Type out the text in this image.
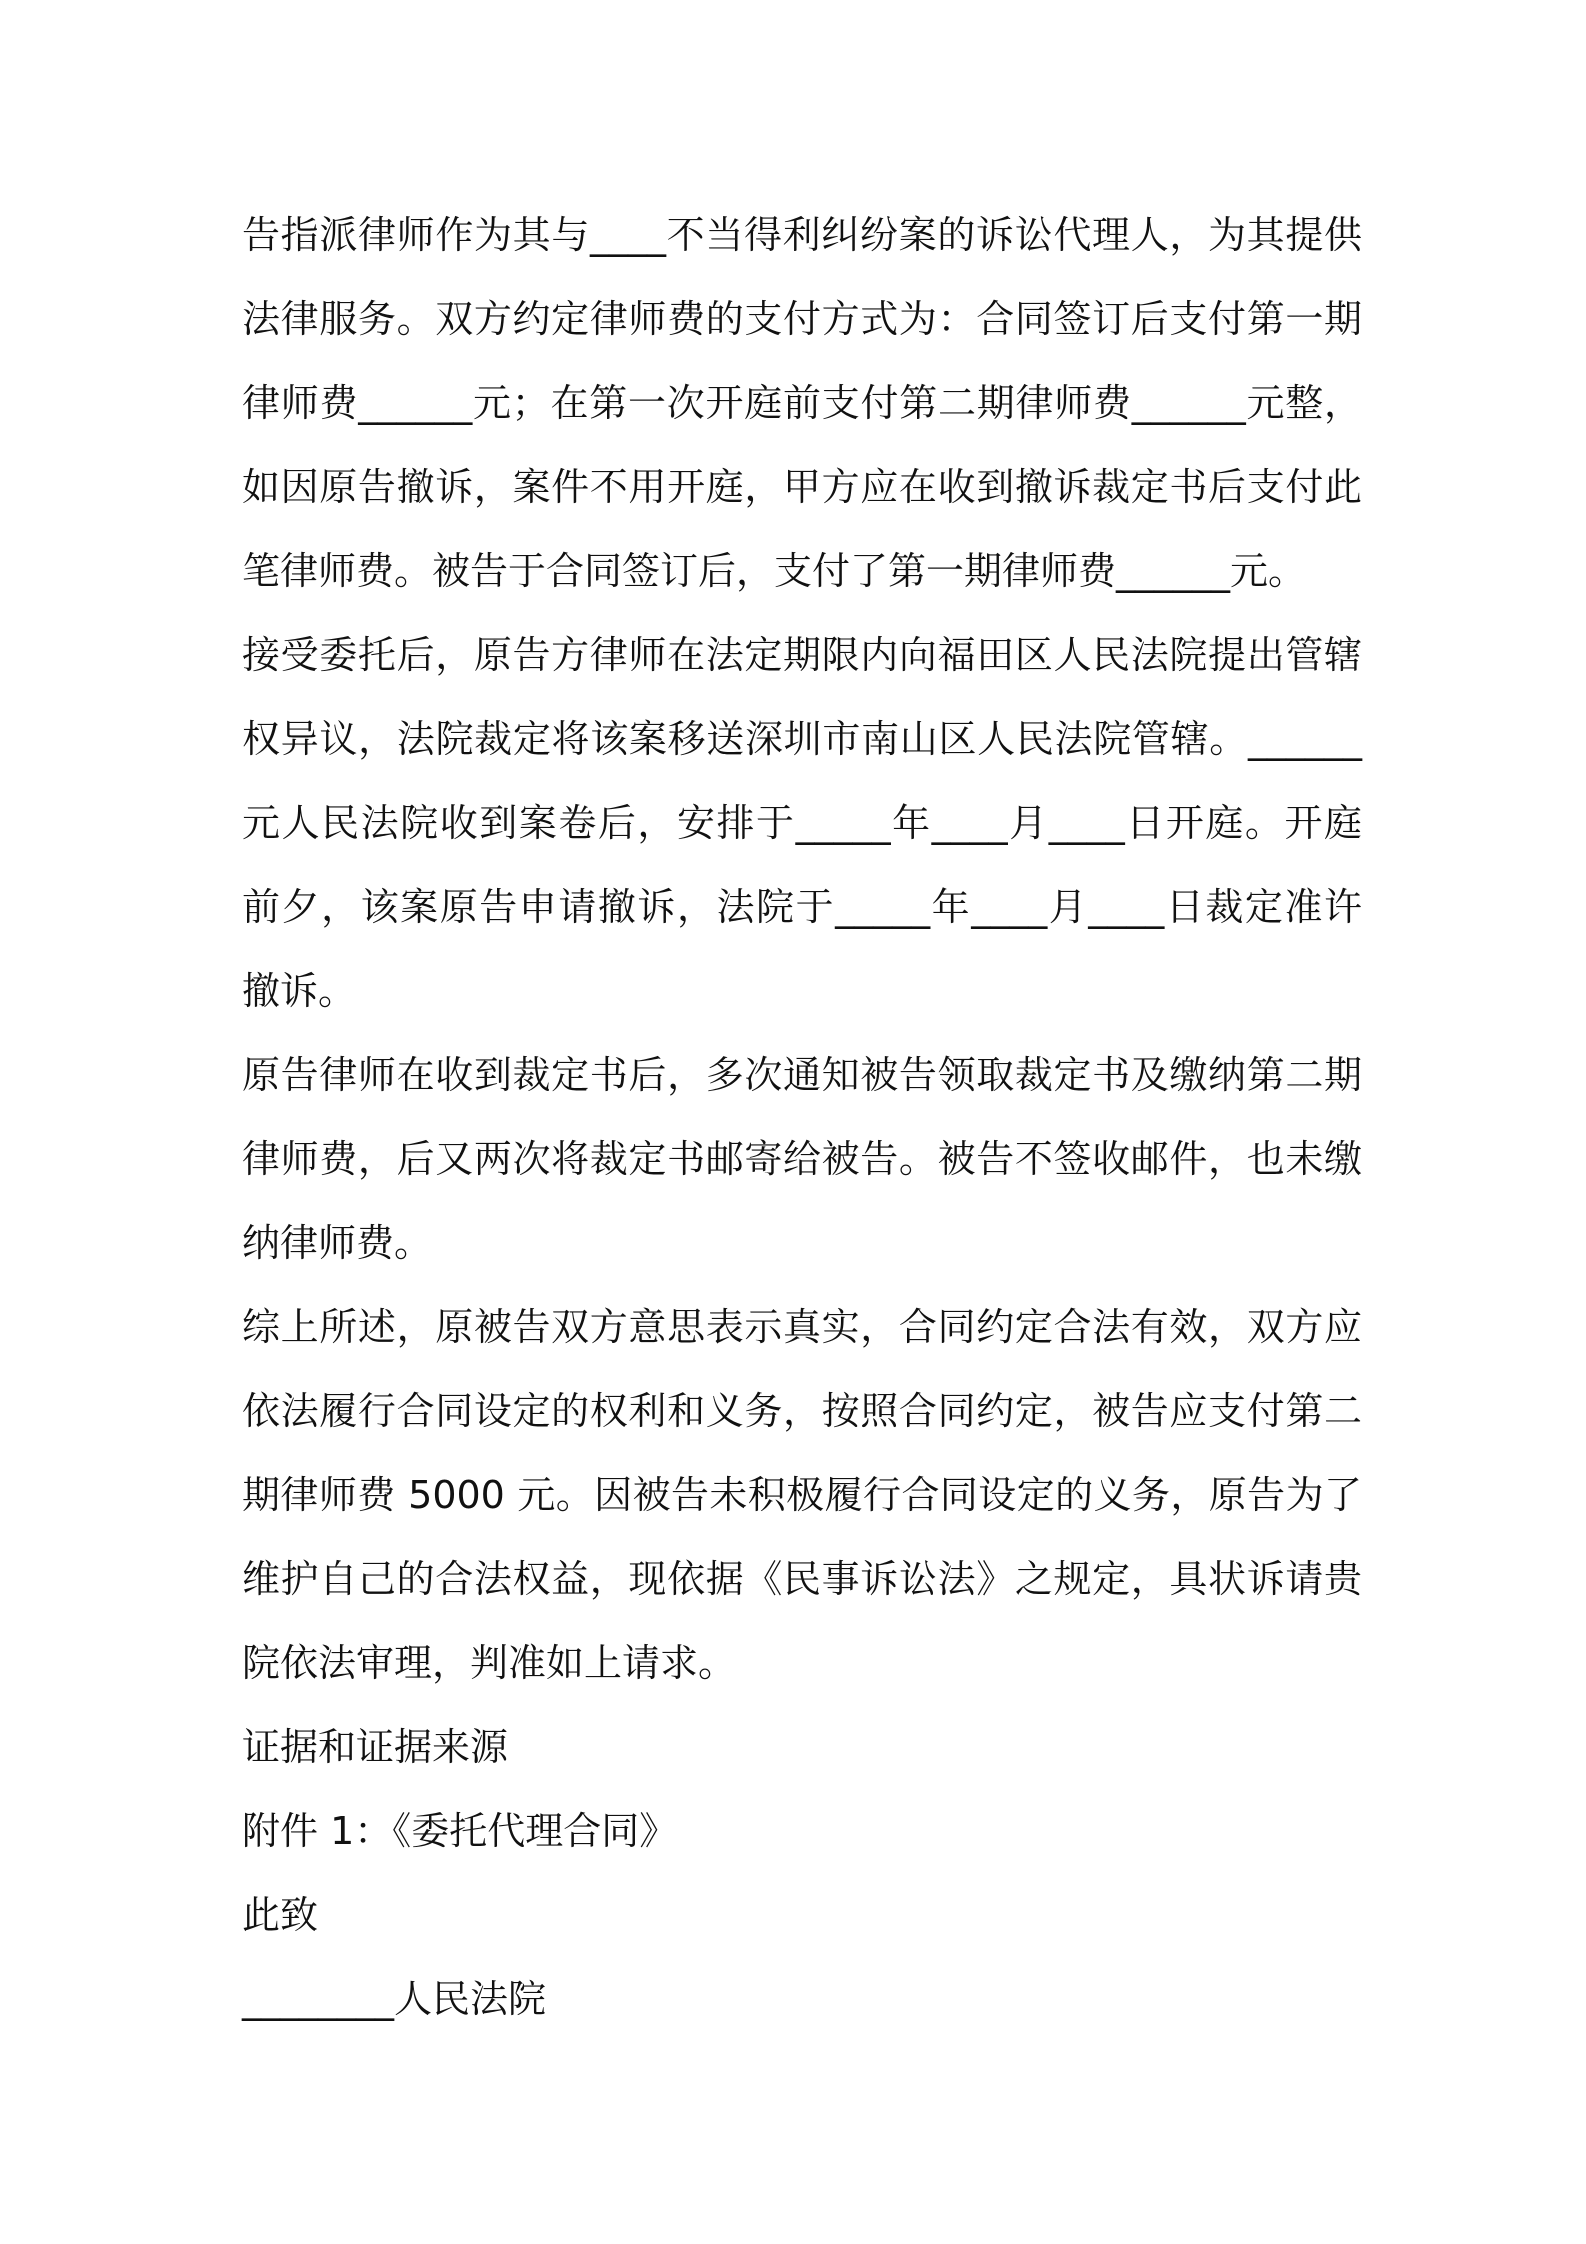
告指派律师作为其与____不当得利纠纷案的诉讼代理人，为其提供法律服务。双方约定律师费的支付方式为：合同签订后支付第一期律师费______元；在第一次开庭前支付第二期律师费______元整，如因原告撤诉，案件不用开庭，甲方应在收到撤诉裁定书后支付此笔律师费。被告于合同签订后，支付了第一期律师费______元。

接受委托后，原告方律师在法定期限内向福田区人民法院提出管辖权异议，法院裁定将该案移送深圳市南山区人民法院管辖。______元人民法院收到案卷后，安排于_____年____月____日开庭。开庭前夕，该案原告申请撤诉，法院于_____年____月____日裁定准许撤诉。

原告律师在收到裁定书后，多次通知被告领取裁定书及缴纳第二期律师费，后又两次将裁定书邮寄给被告。被告不签收邮件，也未缴纳律师费。

综上所述，原被告双方意思表示真实，合同约定合法有效，双方应依法履行合同设定的权利和义务，按照合同约定，被告应支付第二期律师费 5000 元。因被告未积极履行合同设定的义务，原告为了维护自己的合法权益，现依据《民事诉讼法》之规定，具状诉请贵院依法审理，判准如上请求。

证据和证据来源

附件 1：《委托代理合同》

此致

________人民法院
